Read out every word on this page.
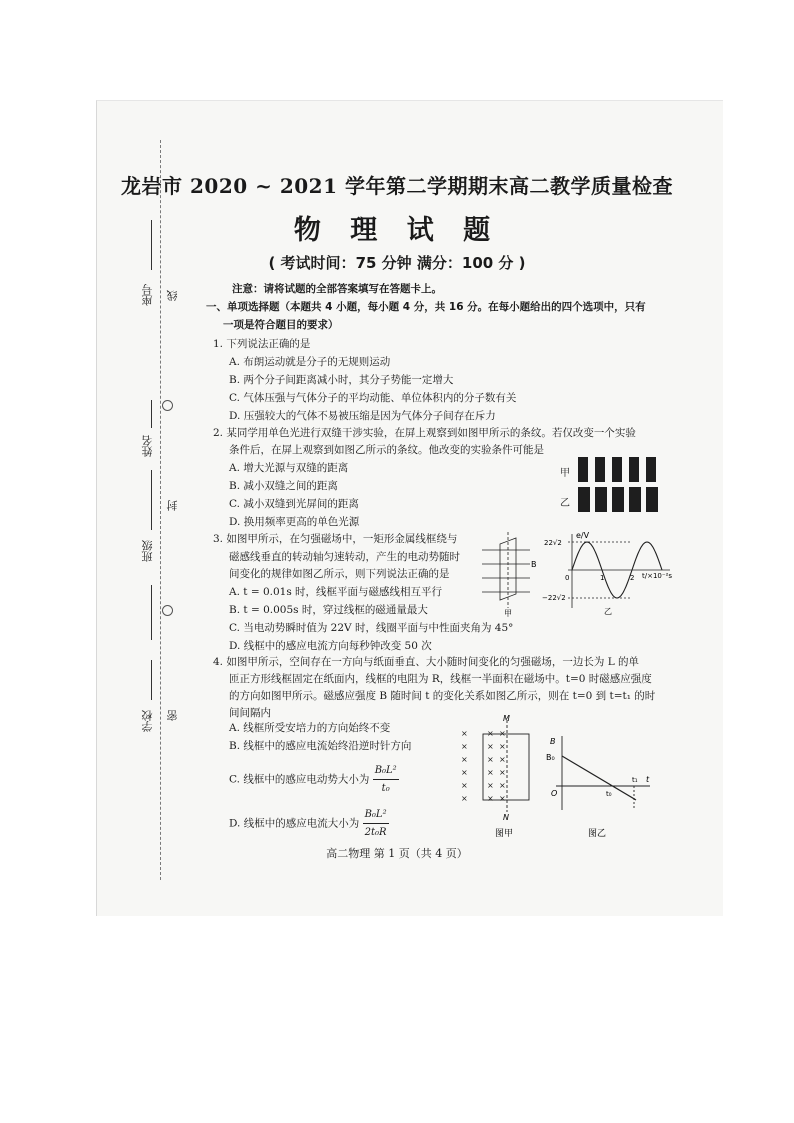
座号
姓名
班级
学校
线
封
密
龙岩市 2020 ~ 2021 学年第二学期期末高二教学质量检查
物 理 试 题
( 考试时间：75 分钟 满分：100 分 )
注意：请将试题的全部答案填写在答题卡上。
一、单项选择题（本题共 4 小题，每小题 4 分，共 16 分。在每小题给出的四个选项中，只有
一项是符合题目的要求）
1. 下列说法正确的是
A. 布朗运动就是分子的无规则运动
B. 两个分子间距离减小时，其分子势能一定增大
C. 气体压强与气体分子的平均动能、单位体积内的分子数有关
D. 压强较大的气体不易被压缩是因为气体分子间存在斥力
2. 某同学用单色光进行双缝干涉实验，在屏上观察到如图甲所示的条纹。若仅改变一个实验
条件后，在屏上观察到如图乙所示的条纹。他改变的实验条件可能是
A. 增大光源与双缝的距离
B. 减小双缝之间的距离
C. 减小双缝到光屏间的距离
D. 换用频率更高的单色光源
甲
乙
3. 如图甲所示，在匀强磁场中，一矩形金属线框绕与
磁感线垂直的转动轴匀速转动，产生的电动势随时
间变化的规律如图乙所示，则下列说法正确的是
A. t = 0.01s 时，线框平面与磁感线相互平行
B. t = 0.005s 时，穿过线框的磁通量最大
C. 当电动势瞬时值为 22V 时，线圈平面与中性面夹角为 45°
D. 线框中的感应电流方向每秒钟改变 50 次
B
甲
e/V
22√2
−22√2
0	1	2 t/×10⁻²s
乙
4. 如图甲所示，空间存在一方向与纸面垂直、大小随时间变化的匀强磁场，一边长为 L 的单
匝正方形线框固定在纸面内，线框的电阻为 R，线框一半面积在磁场中。t=0 时磁感应强度
的方向如图甲所示。磁感应强度 B 随时间 t 的变化关系如图乙所示，则在 t=0 到 t=t₁ 的时
间间隔内
A. 线框所受安培力的方向始终不变
B. 线框中的感应电流始终沿逆时针方向
C. 线框中的感应电动势大小为 $\frac{\text{B₀L²}}{\text{t₀}}$
D. 线框中的感应电流大小为 $\frac{\text{B₀L²}}{\text{2t₀R}}$
× × ×
× × ×
× × ×
× × ×
× × ×
× × ×
M
N
图甲
B
B₀
O	t₀
t₁ t
图乙
高二物理 第 1 页（共 4 页）
